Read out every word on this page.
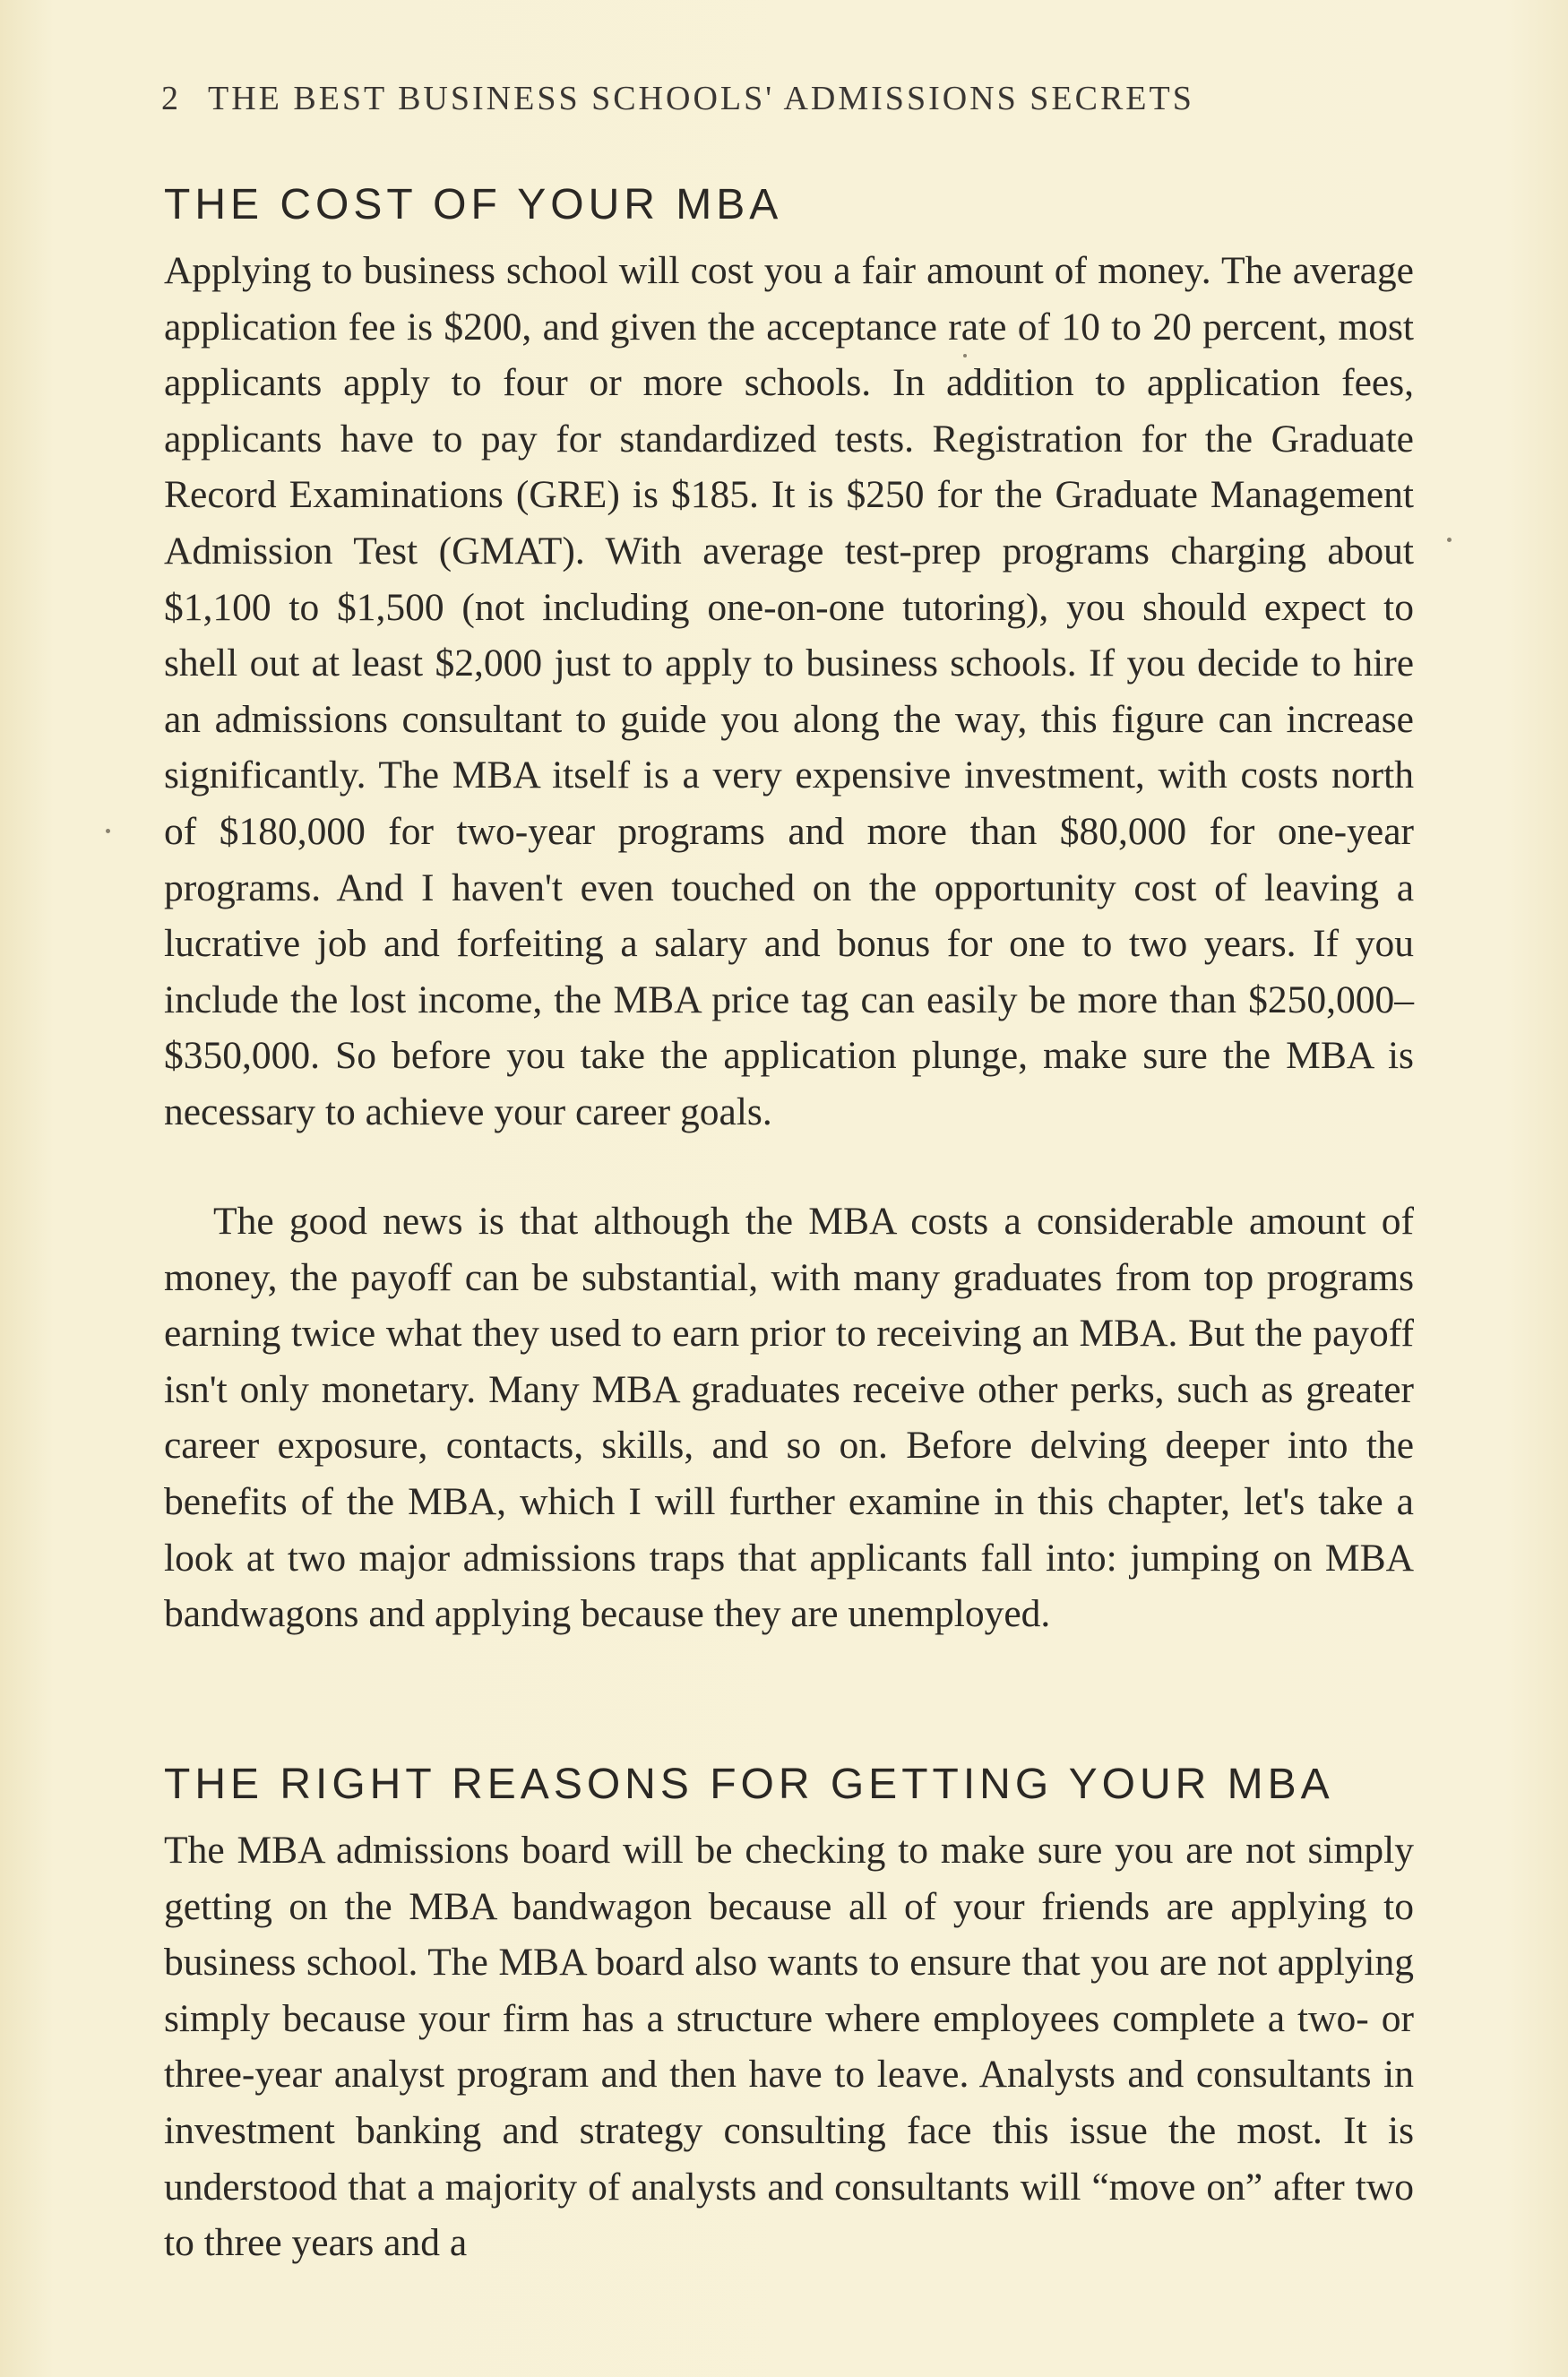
2 THE BEST BUSINESS SCHOOLS' ADMISSIONS SECRETS
THE COST OF YOUR MBA

Applying to business school will cost you a fair amount of money. The average application fee is $200, and given the acceptance rate of 10 to 20 percent, most applicants apply to four or more schools. In addition to application fees, applicants have to pay for standardized tests. Registration for the Graduate Record Examinations (GRE) is $185. It is $250 for the Graduate Management Admission Test (GMAT). With average test-prep programs charging about $1,100 to $1,500 (not including one-on-one tutoring), you should expect to shell out at least $2,000 just to apply to business schools. If you decide to hire an admissions consultant to guide you along the way, this figure can increase significantly. The MBA itself is a very expensive investment, with costs north of $180,000 for two-year programs and more than $80,000 for one-year programs. And I haven't even touched on the opportunity cost of leaving a lucrative job and forfeiting a salary and bonus for one to two years. If you include the lost income, the MBA price tag can easily be more than $250,000–$350,000. So before you take the application plunge, make sure the MBA is necessary to achieve your career goals.

The good news is that although the MBA costs a considerable amount of money, the payoff can be substantial, with many graduates from top programs earning twice what they used to earn prior to receiving an MBA. But the payoff isn't only monetary. Many MBA graduates receive other perks, such as greater career exposure, contacts, skills, and so on. Before delving deeper into the benefits of the MBA, which I will further examine in this chapter, let's take a look at two major admissions traps that applicants fall into: jumping on MBA bandwagons and applying because they are unemployed.

THE RIGHT REASONS FOR GETTING YOUR MBA

The MBA admissions board will be checking to make sure you are not simply getting on the MBA bandwagon because all of your friends are applying to business school. The MBA board also wants to ensure that you are not applying simply because your firm has a structure where employees complete a two- or three-year analyst program and then have to leave. Analysts and consultants in investment banking and strategy consulting face this issue the most. It is understood that a majority of analysts and consultants will “move on” after two to three years and a
